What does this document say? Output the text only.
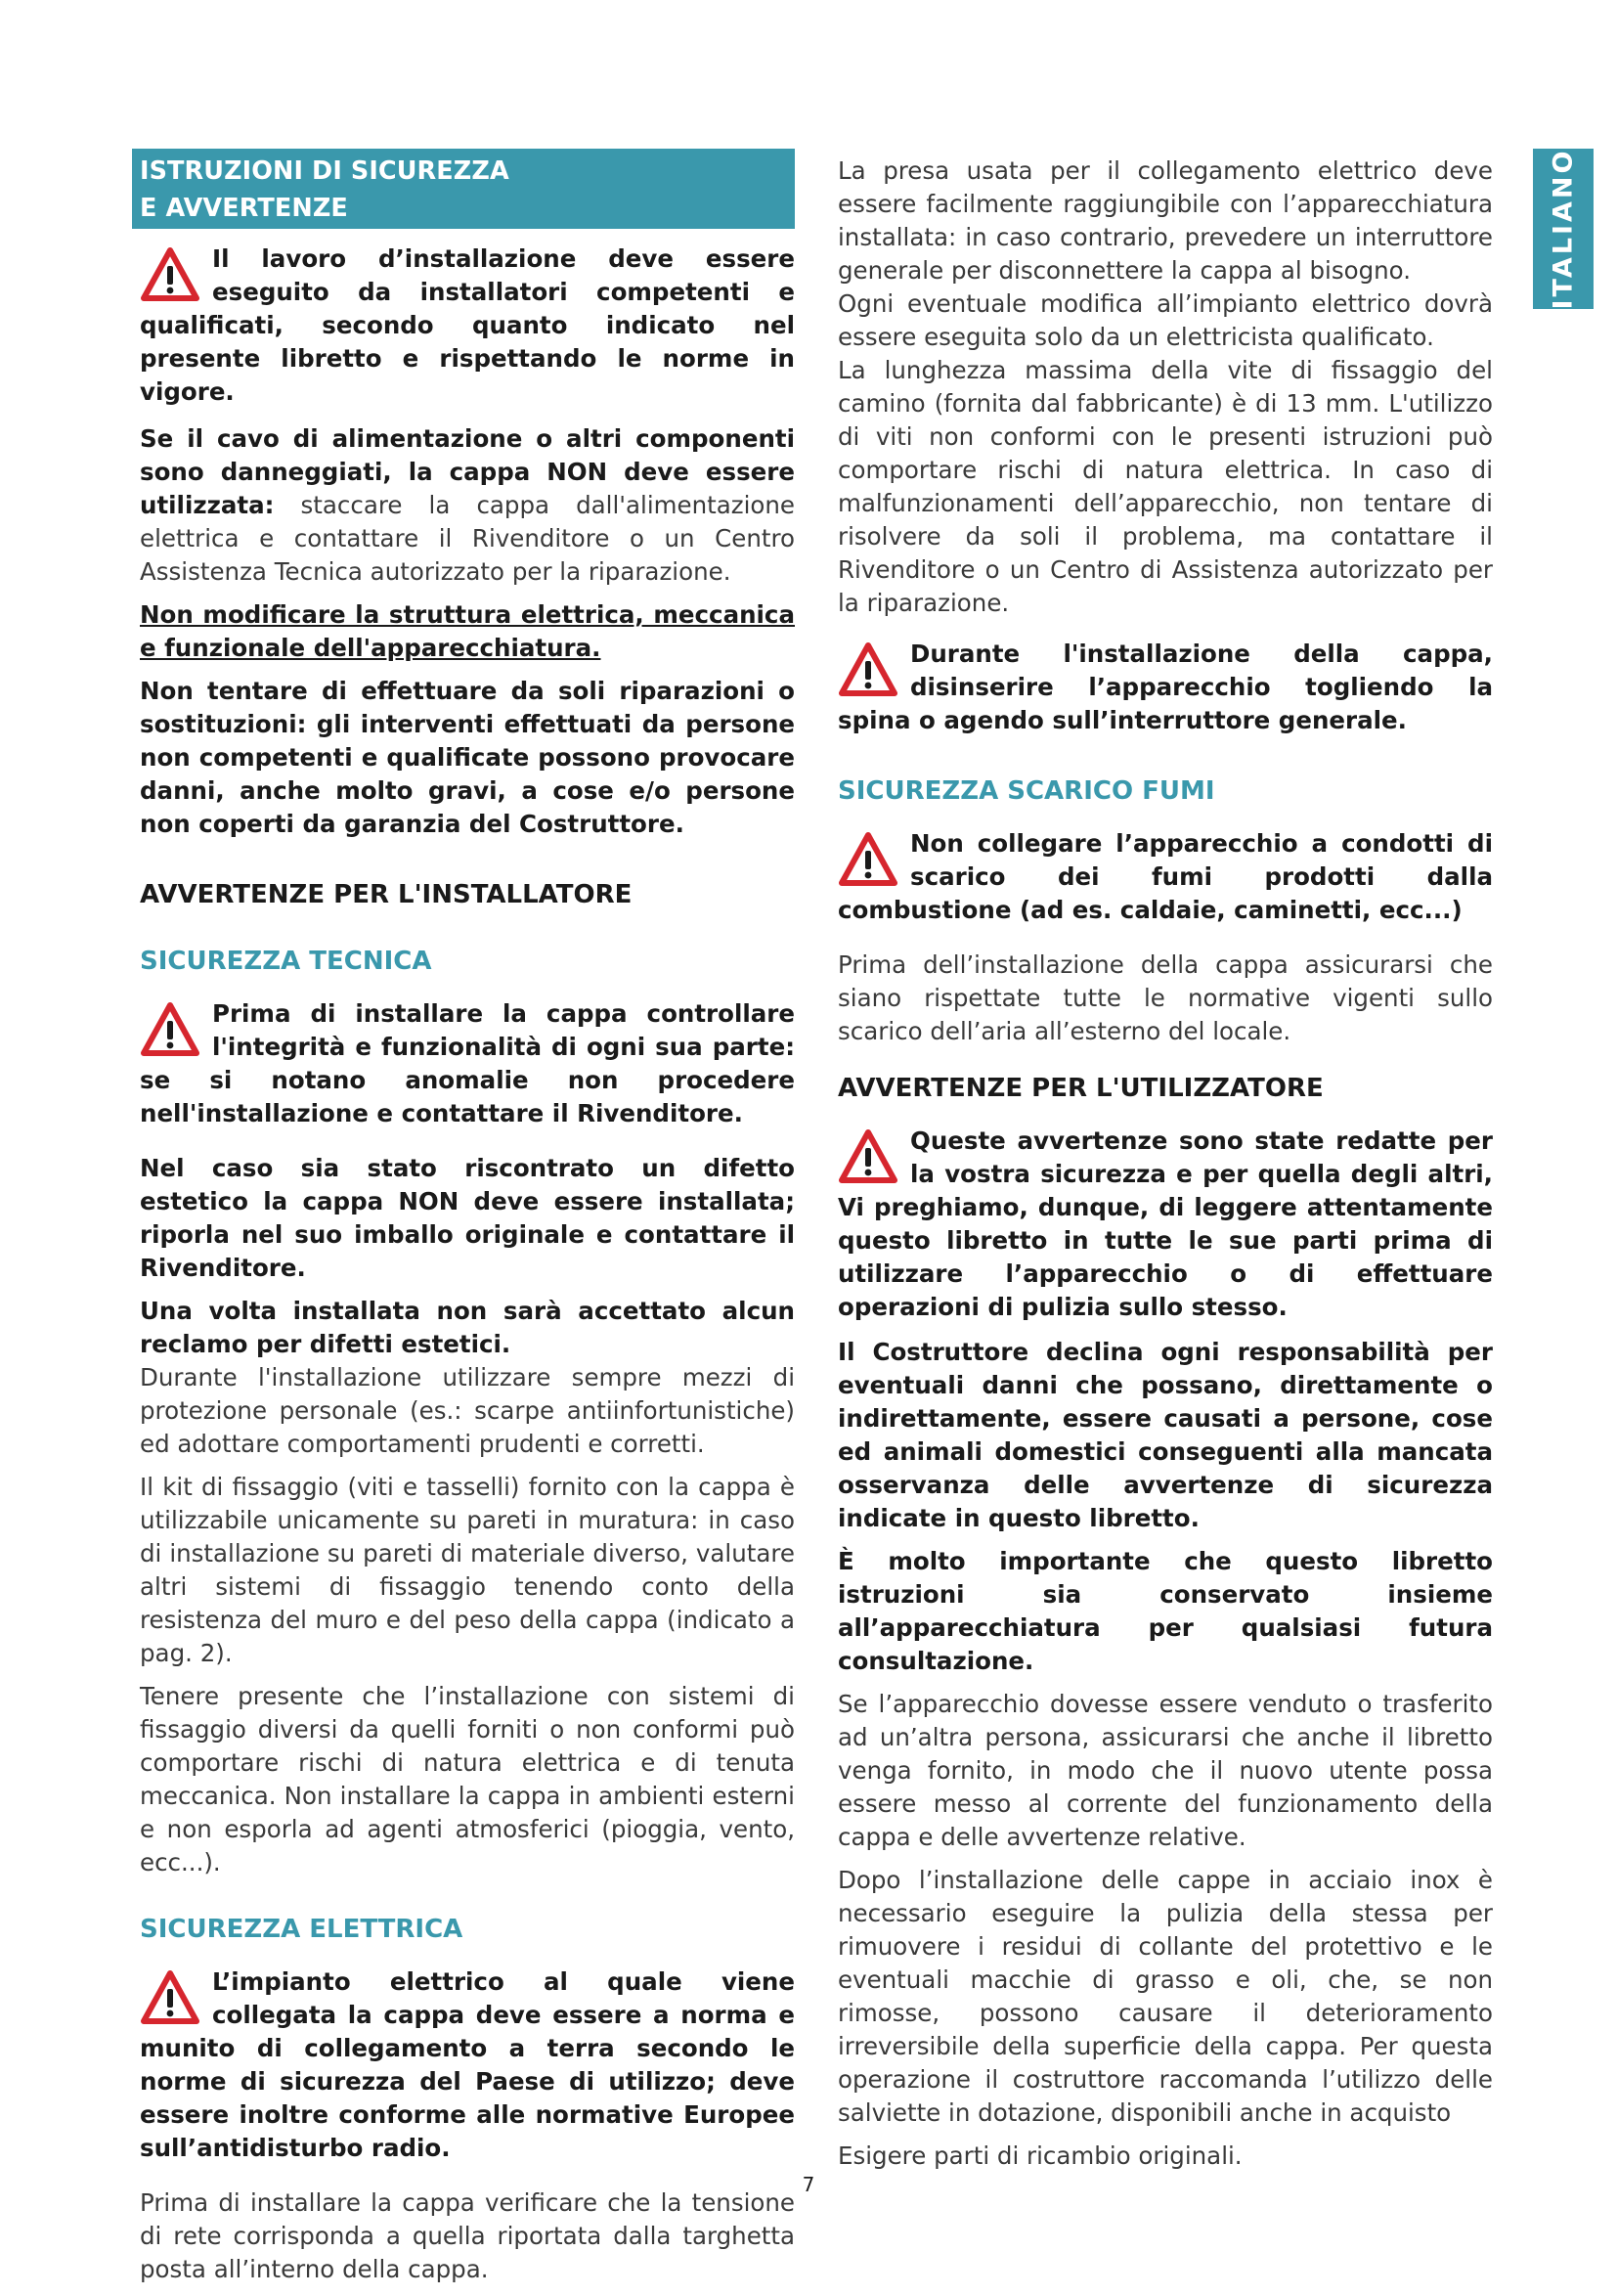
ITALIANO
ISTRUZIONI DI SICUREZZA
E AVVERTENZE
Il lavoro d’installazione deve essere eseguito da installatori competenti e qualificati, secondo quanto indicato nel presente libretto e rispettando le norme in vigore.

Se il cavo di alimentazione o altri componenti sono danneggiati, la cappa NON deve essere utilizzata: staccare la cappa dall'alimentazione elettrica e contattare il Rivenditore o un Centro Assistenza Tecnica autorizzato per la riparazione.

Non modificare la struttura elettrica, meccanica e funzionale dell'apparecchiatura.

Non tentare di effettuare da soli riparazioni o sostituzioni: gli interventi effettuati da persone non competenti e qualificate possono provocare danni, anche molto gravi, a cose e/o persone non coperti da garanzia del Costruttore.

AVVERTENZE PER L'INSTALLATORE
SICUREZZA TECNICA
Prima di installare la cappa controllare l'integrità e funzionalità di ogni sua parte: se si notano anomalie non procedere nell'installazione e contattare il Rivenditore.

Nel caso sia stato riscontrato un difetto estetico la cappa NON deve essere installata; riporla nel suo imballo originale e contattare il Rivenditore.

Una volta installata non sarà accettato alcun reclamo per difetti estetici.

Durante l'installazione utilizzare sempre mezzi di protezione personale (es.: scarpe antiinfortunistiche) ed adottare comportamenti prudenti e corretti.

Il kit di fissaggio (viti e tasselli) fornito con la cappa è utilizzabile unicamente su pareti in muratura: in caso di installazione su pareti di materiale diverso, valutare altri sistemi di fissaggio tenendo conto della resistenza del muro e del peso della cappa (indicato a pag. 2).

Tenere presente che l’installazione con sistemi di fissaggio diversi da quelli forniti o non conformi può comportare rischi di natura elettrica e di tenuta meccanica. Non installare la cappa in ambienti esterni e non esporla ad agenti atmosferici (pioggia, vento, ecc...).

SICUREZZA ELETTRICA
L’impianto elettrico al quale viene collegata la cappa deve essere a norma e munito di collegamento a terra secondo le norme di sicurezza del Paese di utilizzo; deve essere inoltre conforme alle normative Europee sull’antidisturbo radio.

Prima di installare la cappa verificare che la tensione di rete corrisponda a quella riportata dalla targhetta posta all’interno della cappa.

La presa usata per il collegamento elettrico deve essere facilmente raggiungibile con l’apparecchiatura installata: in caso contrario, prevedere un interruttore generale per disconnettere la cappa al bisogno.

Ogni eventuale modifica all’impianto elettrico dovrà essere eseguita solo da un elettricista qualificato.

La lunghezza massima della vite di fissaggio del camino (fornita dal fabbricante) è di 13 mm. L'utilizzo di viti non conformi con le presenti istruzioni può comportare rischi di natura elettrica. In caso di malfunzionamenti dell’apparecchio, non tentare di risolvere da soli il problema, ma contattare il Rivenditore o un Centro di Assistenza autorizzato per la riparazione.

Durante l'installazione della cappa, disinserire l’apparecchio togliendo la spina o agendo sull’interruttore generale.
SICUREZZA SCARICO FUMI
Non collegare l’apparecchio a condotti di scarico dei fumi prodotti dalla combustione (ad es. caldaie, caminetti, ecc...)

Prima dell’installazione della cappa assicurarsi che siano rispettate tutte le normative vigenti sullo scarico dell’aria all’esterno del locale.

AVVERTENZE PER L'UTILIZZATORE
Queste avvertenze sono state redatte per la vostra sicurezza e per quella degli altri, Vi preghiamo, dunque, di leggere attentamente questo libretto in tutte le sue parti prima di utilizzare l’apparecchio o di effettuare operazioni di pulizia sullo stesso.

Il Costruttore declina ogni responsabilità per eventuali danni che possano, direttamente o indirettamente, essere causati a persone, cose ed animali domestici conseguenti alla mancata osservanza delle avvertenze di sicurezza indicate in questo libretto.

È molto importante che questo libretto istruzioni sia conservato insieme all’apparecchiatura per qualsiasi futura consultazione.

Se l’apparecchio dovesse essere venduto o trasferito ad un’altra persona, assicurarsi che anche il libretto venga fornito, in modo che il nuovo utente possa essere messo al corrente del funzionamento della cappa e delle avvertenze relative.

Dopo l’installazione delle cappe in acciaio inox è necessario eseguire la pulizia della stessa per rimuovere i residui di collante del protettivo e le eventuali macchie di grasso e oli, che, se non rimosse, possono causare il deterioramento irreversibile della superficie della cappa. Per questa operazione il costruttore raccomanda l’utilizzo delle salviette in dotazione, disponibili anche in acquisto

Esigere parti di ricambio originali.

7
